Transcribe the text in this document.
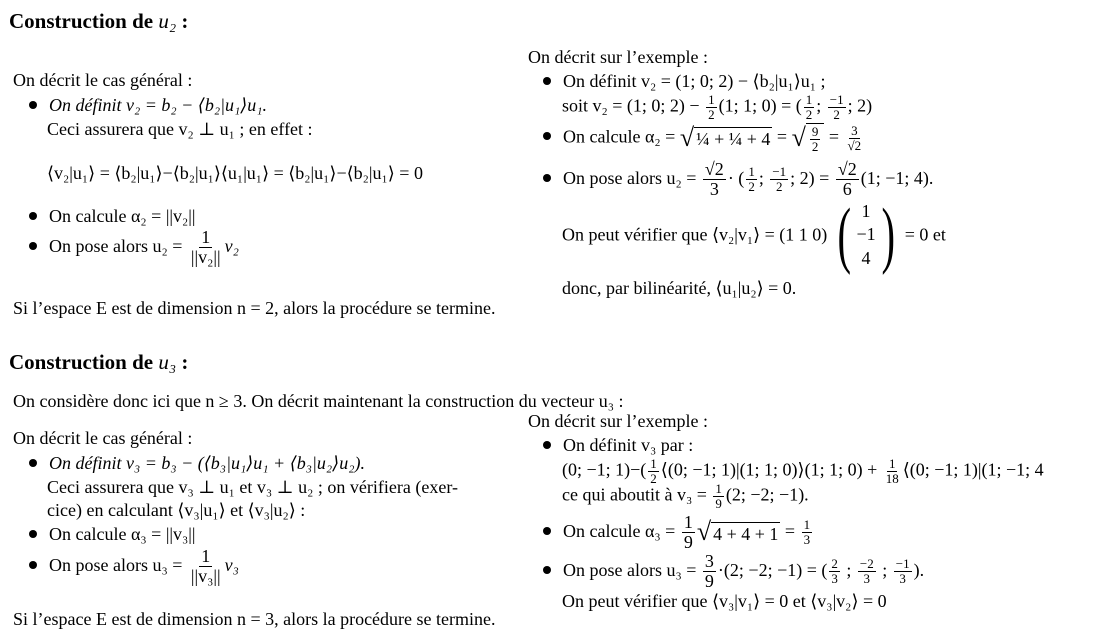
Construction de u₂ :
On décrit le cas général :
On définit v₂ = b₂ − ⟨b₂|u₁⟩u₁.
Ceci assurera que v₂ ⊥ u₁ ; en effet :
⟨v₂|u₁⟩ = ⟨b₂|u₁⟩−⟨b₂|u₁⟩⟨u₁|u₁⟩ = ⟨b₂|u₁⟩−⟨b₂|u₁⟩ = 0
On calcule α₂ = ||v₂||
On pose alors $u_2 = \frac{1}{\text{||v₂||}} v_2$
On décrit sur l’exemple :
On définit v₂ = (1; 0; 2) − ⟨b₂|u₁⟩u₁ ;
soit v₂ = (1; 0; $2) - \frac{1}{2} (1$; 1; 0) = ( $\frac{1}{2}$ ; $\frac{-1}{2}$ ; 2)
On calcule α₂ = √ ¼ + ¼ + 4 = √ $\frac{9}{2} = \frac{3}{√2}$
On pose alors $u_2 = \frac{√2}{3}$ · ( $\frac{1}{2}$ ; $\frac{-1}{2}$ ; $2) = \frac{√2}{6} (1$; −1; 4).
On peut vérifier que ⟨v₂|v₁⟩ = (1 1 0) ( 1
−1
4 ) = 0 et
donc, par bilinéarité, ⟨u₁|u₂⟩ = 0.
Si l’espace E est de dimension n = 2, alors la procédure se termine.
Construction de u₃ :
On considère donc ici que n ≥ 3. On décrit maintenant la construction du vecteur u₃ :
On décrit le cas général :
On définit v₃ = b₃ − (⟨b₃|u₁⟩u₁ + ⟨b₃|u₂⟩u₂).
Ceci assurera que v₃ ⊥ u₁ et v₃ ⊥ u₂ ; on vérifiera (exer-
cice) en calculant ⟨v₃|u₁⟩ et ⟨v₃|u₂⟩ :
On calcule α₃ = ||v₃||
On pose alors $u_3 = \frac{1}{\text{||v₃||}} v_3$
On décrit sur l’exemple :
On définit v₃ par :
(0; −1; $1)-( \frac{1}{2}$ ⟨(0; −1; 1)|(1; 1; 0)⟩(1; 1; $0) + \frac{1}{18}$ ⟨(0; −1; 1)|(1; −1; 4
ce qui aboutit à $v_3 = \frac{1}{9} (2$; −2; −1).
On calcule $\alpha_3 = \frac{1}{9}$ √ $4 + 4 + 1 = \frac{1}{3}$
On pose alors $u_3 = \frac{3}{9} \cdot(2$; −2; −1) = ( $\frac{2}{3}$ ; $\frac{-2}{3}$ ; $\frac{-1}{3}$ ).
On peut vérifier que ⟨v₃|v₁⟩ = 0 et ⟨v₃|v₂⟩ = 0
Si l’espace E est de dimension n = 3, alors la procédure se termine.
